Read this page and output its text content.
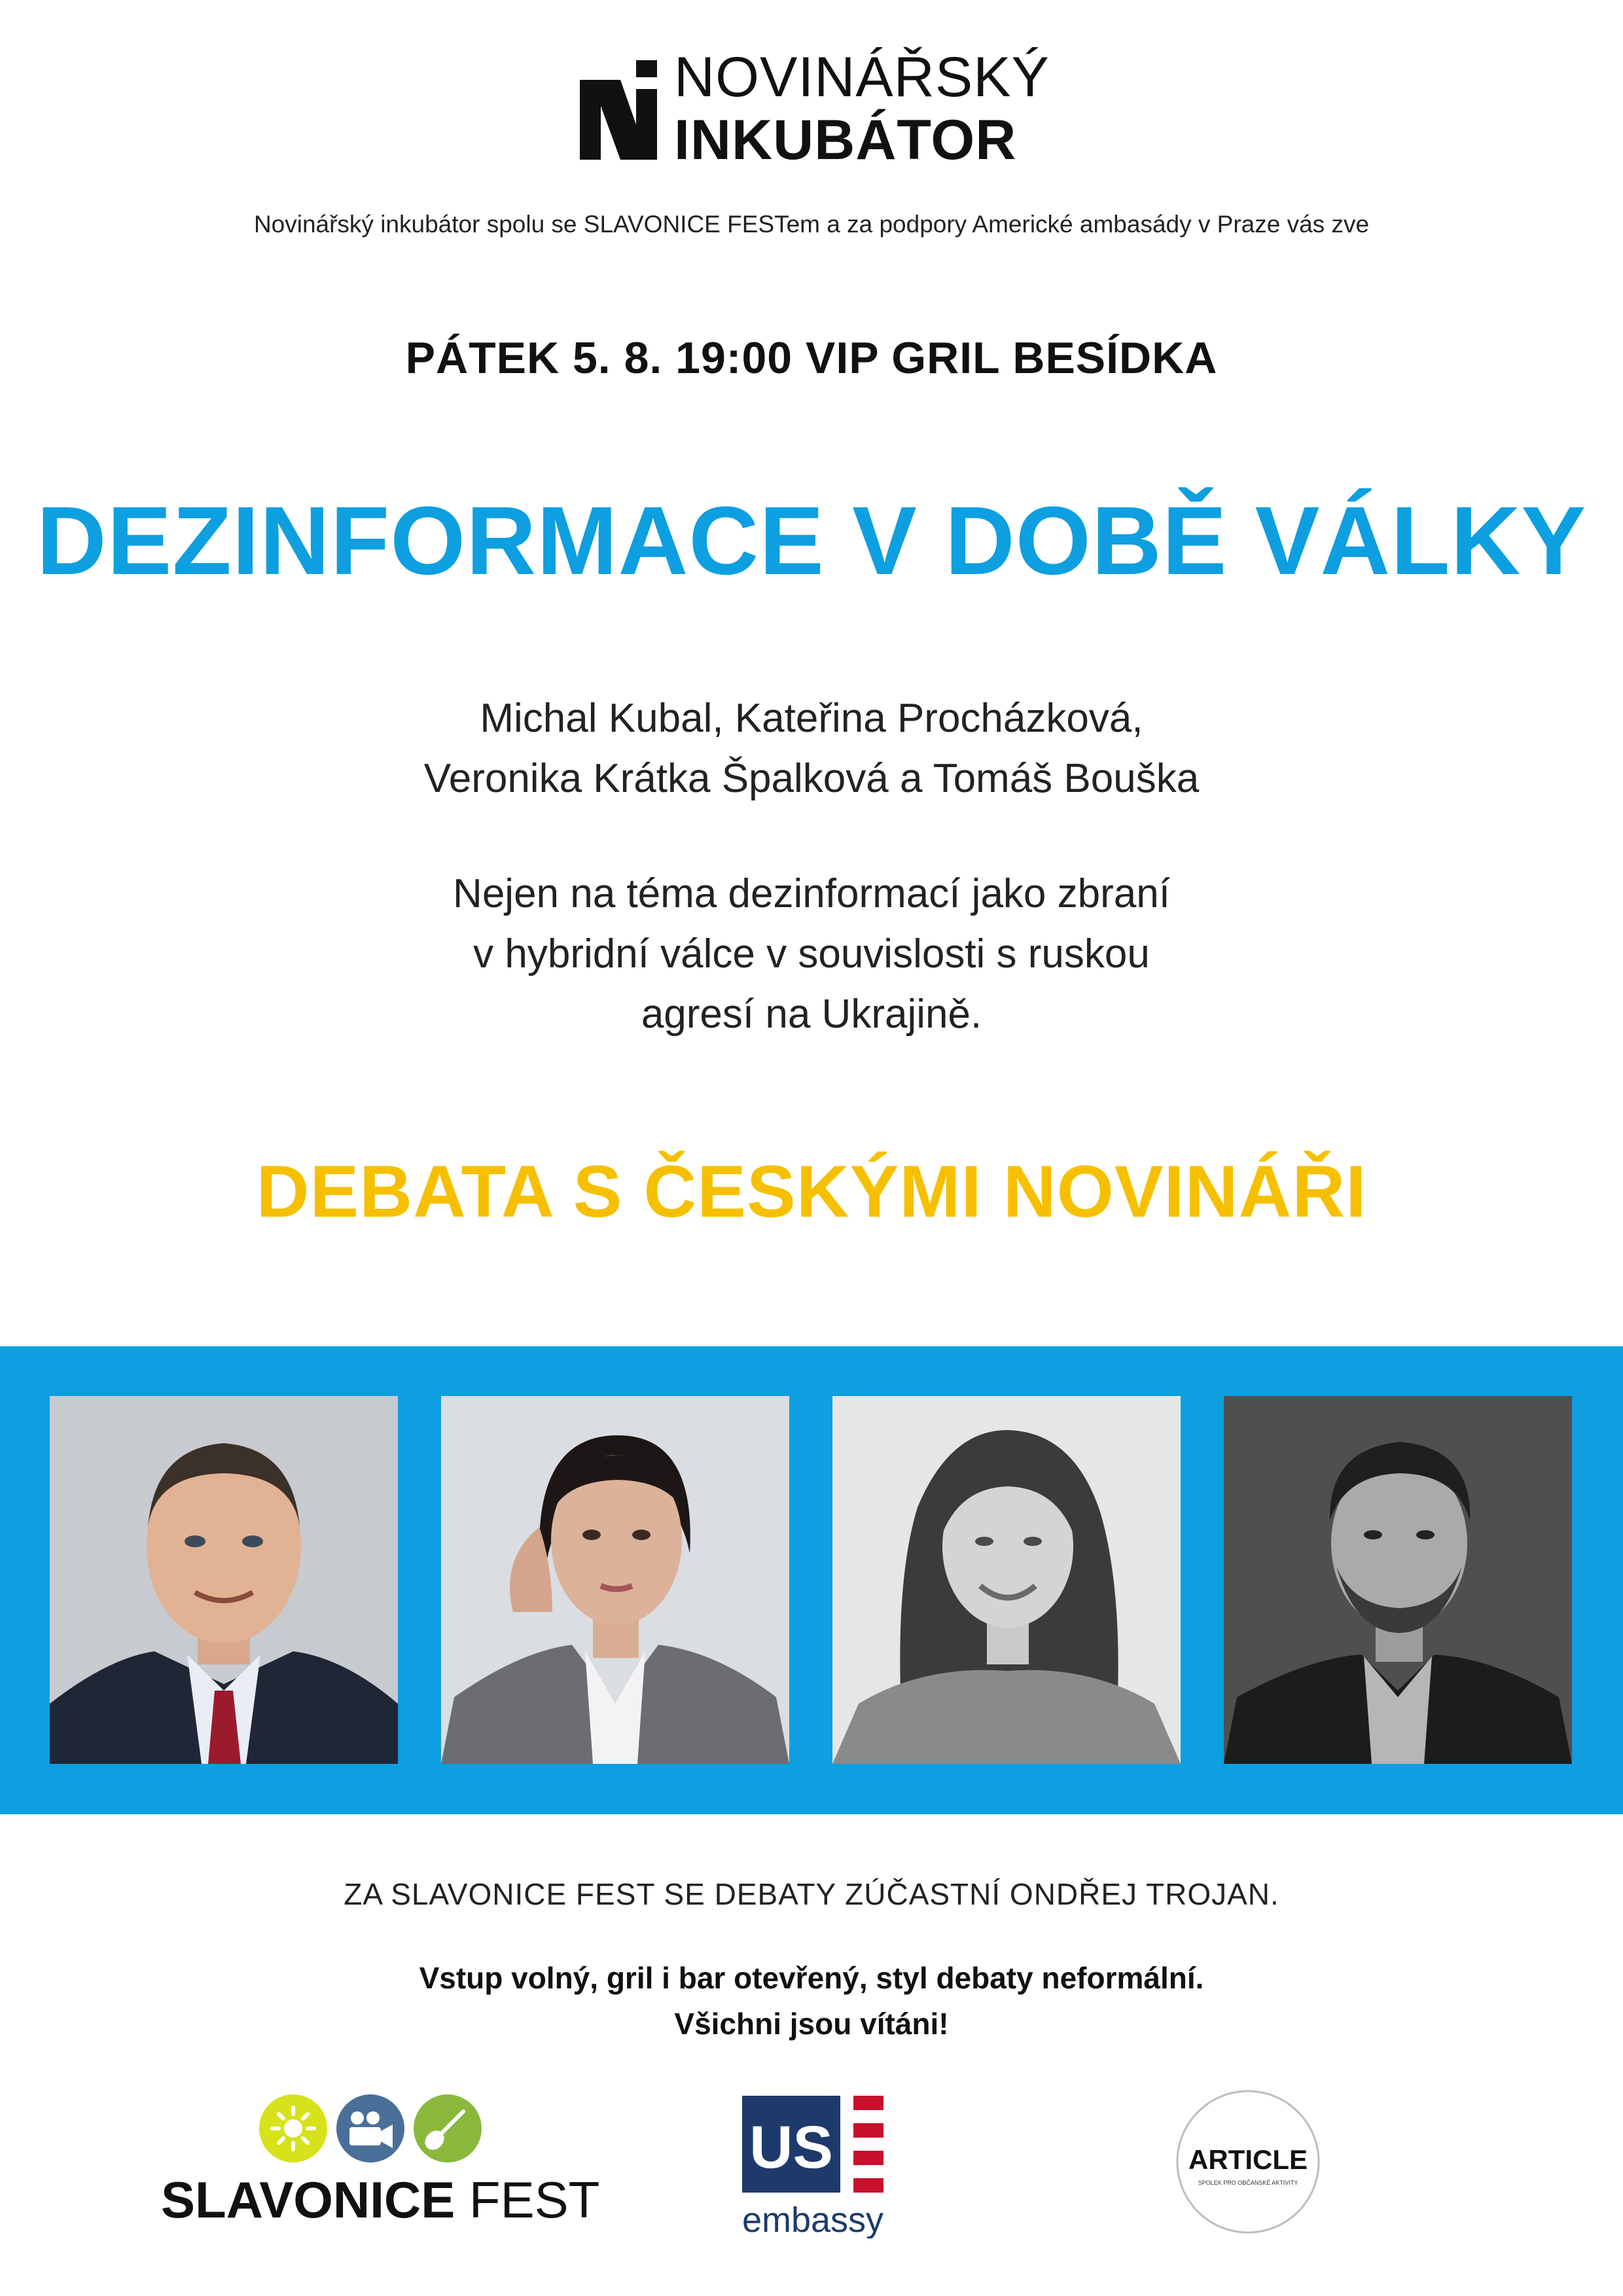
NOVINÁŘSKÝ
INKUBÁTOR
Novinářský inkubátor spolu se SLAVONICE FESTem a za podpory Americké ambasády v Praze vás zve
PÁTEK 5. 8. 19:00 VIP GRIL BESÍDKA
DEZINFORMACE V DOBĚ VÁLKY
Michal Kubal, Kateřina Procházková,
Veronika Krátka Špalková a Tomáš Bouška
Nejen na téma dezinformací jako zbraní
v hybridní válce v souvislosti s ruskou
agresí na Ukrajině.
DEBATA S ČESKÝMI NOVINÁŘI
ZA SLAVONICE FEST SE DEBATY ZÚČASTNÍ ONDŘEJ TROJAN.
Vstup volný, gril i bar otevřený, styl debaty neformální.
Všichni jsou vítáni!
SLAVONICE FEST
US
embassy
ARTICLE
SPOLEK PRO OBČANSKÉ AKTIVITY
